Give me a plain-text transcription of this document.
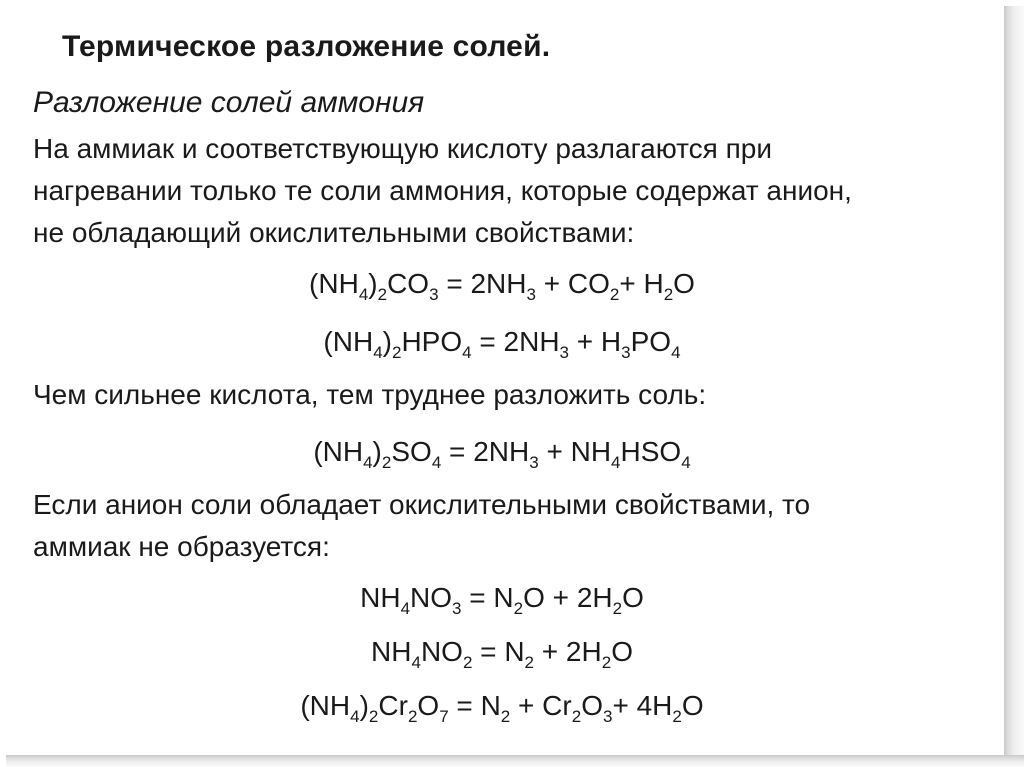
Термическое разложение солей.
Разложение солей аммония
На аммиак и соответствующую кислоту разлагаются при
нагревании только те соли аммония, которые содержат анион,
не обладающий окислительными свойствами:
$(NH_4)_2CO_3 = 2NH_3 + CO_2+ H_2O$
$(NH_4)_2HPO_4 = 2NH_3 + H_3PO_4$
Чем сильнее кислота, тем труднее разложить соль:
$(NH_4)_2SO_4 = 2NH_3 + NH_4HSO_4$
Если анион соли обладает окислительными свойствами, то
аммиак не образуется:
$NH_4NO_3 = N_2O + 2H_2O$
$NH_4NO_2 = N_2 + 2H_2O$
$(NH_4)_2Cr_2O_7 = N_2 + Cr_2O_3+ 4H_2O$
